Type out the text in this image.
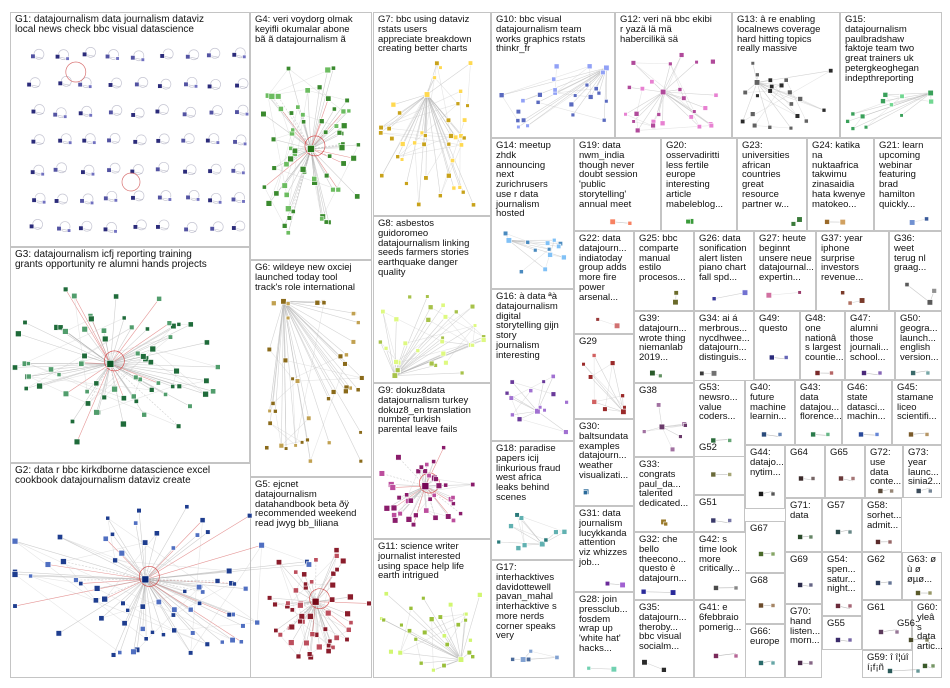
G1: datajournalism data journalism dataviz
local news check bbc visual datascience
G2: data r bbc kirkdborne datascience excel
cookbook datajournalism dataviz create
G3: datajournalism icfj reporting training
grants opportunity re alumni hands projects
G4: veri voydorg olmak
keyifli okumalar abone
bã ã datajournalism ã
G5: ejcnet
datajournalism
datahandbook beta ðÿ
recommended weekend
read jwyg bb_liliana
G6: wildeye new oxciej
launched today tool
track's role international
G7: bbc using dataviz
rstats users
appreciate breakdown
creating better charts
G8: asbestos
guidoromeo
datajournalism linking
seeds farmers stories
earthquake danger
quality
G9: dokuz8data
datajournalism turkey
dokuz8_en translation
number turkish
parental leave fails
G10: bbc visual
datajournalism team
works graphics rstats
thinkr_fr
G11: science writer
journalist interested
using space help life
earth intrigued
G12: veri nä bbc ekibi
r yazä lä mä
habercilikä sä
G13: â re enabling
localnews coverage
hard hitting topics
really massive
G14: meetup
zhdk
announcing
next
zurichrusers
use r data
journalism
hosted
G15:
datajournalism
paulbradshaw
faktoje team two
great trainers uk
petergkeoghegan
indepthreporting
G16: à data ªà
datajournalism
digital
storytelling gijn
story
journalism
interesting
G17:
interhacktives
davidottewell
pavan_mahal
interhacktive s
more nerds
corner speaks
very
G18: paradise
papers icij
linkurious fraud
west africa
leaks behind
scenes
G19: data
nwm_india
though never
doubt session
'public
storytelling'
annual meet
G20:
osservadiritti
less fertile
europe
interesting
article
mabeleblog...
G21: learn
upcoming
webinar
featuring
brad
hamilton
quickly...
G22: data
datajourn...
indiatoday
group adds
more fire
power
arsenal...
G23:
universities
african
countries
great
resource
partner w...
G24: katika
na
nuktaafrica
takwimu
zinasaidia
hata kwenye
matokeo...
G25: bbc
comparte
manual
estilo
procesos...
G26: data
sonification
alert listen
piano chart
fall spd...
G27: heute
beginnt
unsere neue
datajournal...
expertin...
G28: join
pressclub...
fosdem
wrap up
'white hat'
hacks...
G29
G30:
baltsundata
examples
datajourn...
weather
visualizati...
G31: data
journalism
lucykkanda
attention
viz whizzes
job...
G32: che
bello
theecono...
questo è
datajourn...
G33:
congrats
paul_da...
talented
dedicated...
G34: ai á
merbrous...
nycdhwee...
datajourn...
distinguis...
G35:
datajourn...
theroby...
bbc visual
socialm...
G36:
weet
terug nl
graag...
G37: year
iphone
surprise
investors
revenue...
G38
G39:
datajourn...
wrote thing
niemanlab
2019...
G40:
future
machine
learnin...
G41: e
6febbraio
pomerig...
G42: s
time look
more
critically...
G43:
data
datajou...
florence...
G44:
datajo...
nytim...
G45:
stamane
liceo
scientifi...
G46:
state
datasci...
machin...
G47:
alumni
those
journali...
school...
G48:
one
nationâ
s largest
countie...
G49:
questo
G50:
geogra...
launch...
english
version...
G51
G52
G53:
newsro...
value
coders...
G54:
spen...
satur...
night...
G55	G56:
G57	G58:
sorhet...
admit...
G59: î î¦úî
í¡f¡ñ
G60:
yleâ
s
data
artic...
G61
G62	G63: ø
ù ø
øµø...
G64	G65
G66:
europe
G67
G68
G69
G70:
hand
listen...
morn...
G71:
data
G72:
use
data
conte...
G73:
year
launc...
sinia2...
